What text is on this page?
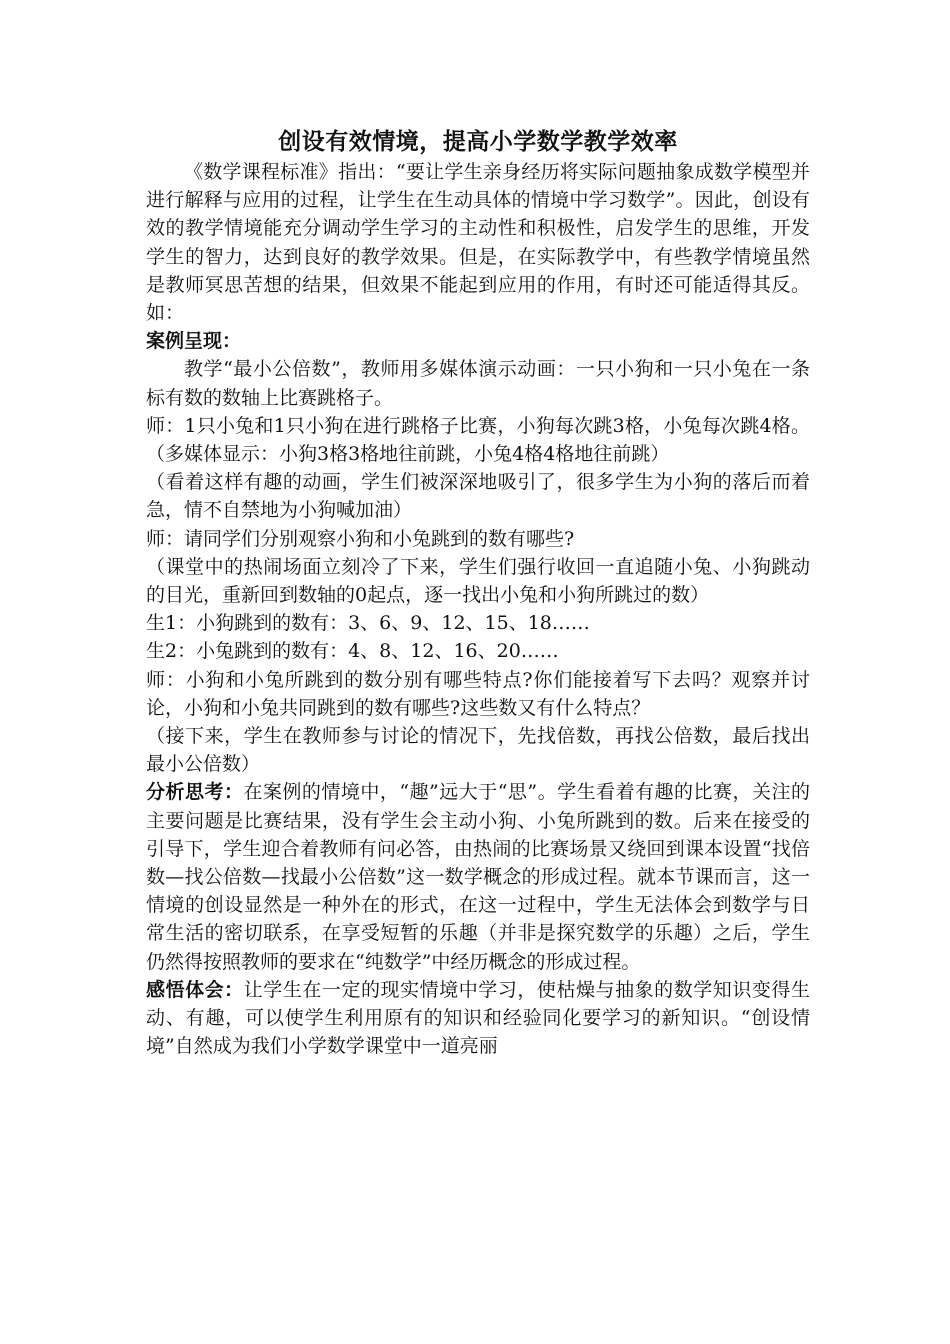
创设有效情境，提高小学数学教学效率

《数学课程标准》指出：“要让学生亲身经历将实际问题抽象成数学模型并进行解释与应用的过程，让学生在生动具体的情境中学习数学”。因此，创设有效的教学情境能充分调动学生学习的主动性和积极性，启发学生的思维，开发学生的智力，达到良好的教学效果。但是，在实际教学中，有些教学情境虽然是教师冥思苦想的结果，但效果不能起到应用的作用，有时还可能适得其反。如：

案例呈现：

教学“最小公倍数”，教师用多媒体演示动画：一只小狗和一只小兔在一条标有数的数轴上比赛跳格子。

师：1只小兔和1只小狗在进行跳格子比赛，小狗每次跳3格，小兔每次跳4格。（多媒体显示：小狗3格3格地往前跳，小兔4格4格地往前跳）

（看着这样有趣的动画，学生们被深深地吸引了，很多学生为小狗的落后而着急，情不自禁地为小狗喊加油）

师：请同学们分别观察小狗和小兔跳到的数有哪些?

（课堂中的热闹场面立刻冷了下来，学生们强行收回一直追随小兔、小狗跳动的目光，重新回到数轴的0起点，逐一找出小兔和小狗所跳过的数）

生1：小狗跳到的数有：3、6、9、12、15、18……

生2：小兔跳到的数有：4、8、12、16、20……

师：小狗和小兔所跳到的数分别有哪些特点?你们能接着写下去吗？观察并讨论，小狗和小兔共同跳到的数有哪些?这些数又有什么特点？

（接下来，学生在教师参与讨论的情况下，先找倍数，再找公倍数，最后找出最小公倍数）

分析思考：在案例的情境中，“趣”远大于“思”。学生看着有趣的比赛，关注的主要问题是比赛结果，没有学生会主动小狗、小兔所跳到的数。后来在接受的引导下，学生迎合着教师有问必答，由热闹的比赛场景又绕回到课本设置“找倍数—找公倍数—找最小公倍数”这一数学概念的形成过程。就本节课而言，这一情境的创设显然是一种外在的形式，在这一过程中，学生无法体会到数学与日常生活的密切联系，在享受短暂的乐趣（并非是探究数学的乐趣）之后，学生仍然得按照教师的要求在“纯数学”中经历概念的形成过程。

感悟体会：让学生在一定的现实情境中学习，使枯燥与抽象的数学知识变得生动、有趣，可以使学生利用原有的知识和经验同化要学习的新知识。“创设情境”自然成为我们小学数学课堂中一道亮丽
